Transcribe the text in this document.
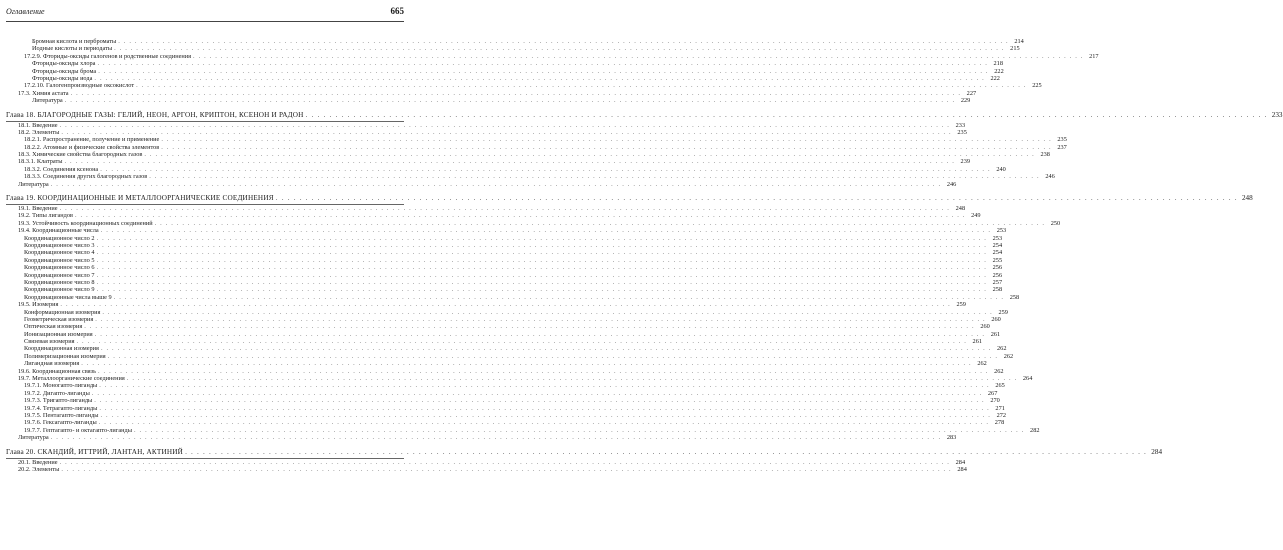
Оглавление	665
Бромная кислота и перброматы . . .	214
Иодные кислоты и периодаты . . .	215
17.2.9. Фториды-оксиды галогенов и родственные соединения . . .	217
Фториды-оксиды хлора . . .	218
Фториды-оксиды брома . . .	222
Фториды-оксиды иода . . .	222
17.2.10. Галогенпроизводные оксокислот . . .	225
17.3. Химия астата . . .	227
Литература . . .	229
Глава 18. БЛАГОРОДНЫЕ ГАЗЫ: ГЕЛИЙ, НЕОН, АРГОН, КРИПТОН, КСЕНОН И РАДОН . . .	233
18.1. Введение . . .	233
18.2. Элементы . . .	235
18.2.1. Распространение, получение и применение . . .	235
18.2.2. Атомные и физические свойства элементов . . .	237
18.3. Химические свойства благородных газов . . .	238
18.3.1. Клатраты . . .	239
18.3.2. Соединения ксенона . . .	240
18.3.3. Соединения других благородных газов . . .	246
Литература . . .	246
Глава 19. КООРДИНАЦИОННЫЕ И МЕТАЛЛООРГАНИЧЕСКИЕ СОЕДИНЕНИЯ . . .	248
19.1. Введение . . .	248
19.2. Типы лигандов . . .	249
19.3. Устойчивость координационных соединений . . .	250
19.4. Координационные числа . . .	253
Координационное число 2 . . .	253
Координационное число 3 . . .	254
Координационное число 4 . . .	254
Координационное число 5 . . .	255
Координационное число 6 . . .	256
Координационное число 7 . . .	256
Координационное число 8 . . .	257
Координационное число 9 . . .	258
Координационные числа выше 9 . . .	258
19.5. Изомерия . . .	259
Конформационная изомерия . . .	259
Геометрическая изомерия . . .	260
Оптическая изомерия . . .	260
Ионизационная изомерия . . .	261
Связевая изомерия . . .	261
Координационная изомерия . . .	262
Полимеризационная изомерия . . .	262
Лигандная изомерия . . .	262
19.6. Координационная связь . . .	262
19.7. Металлоорганические соединения . . .	264
19.7.1. Моногапто-лиганды . . .	265
19.7.2. Дигапто-лиганды . . .	267
19.7.3. Тригапто-лиганды . . .	270
19.7.4. Тетрагапто-лиганды . . .	271
19.7.5. Пентагапто-лиганды . . .	272
19.7.6. Гексагапто-лиганды . . .	278
19.7.7. Гептагапто- и октагапто-лиганды . . .	282
Литература . . .	283
Глава 20. СКАНДИЙ, ИТТРИЙ, ЛАНТАН, АКТИНИЙ . . .	284
20.1. Введение . . .	284
20.2. Элементы . . .	284
